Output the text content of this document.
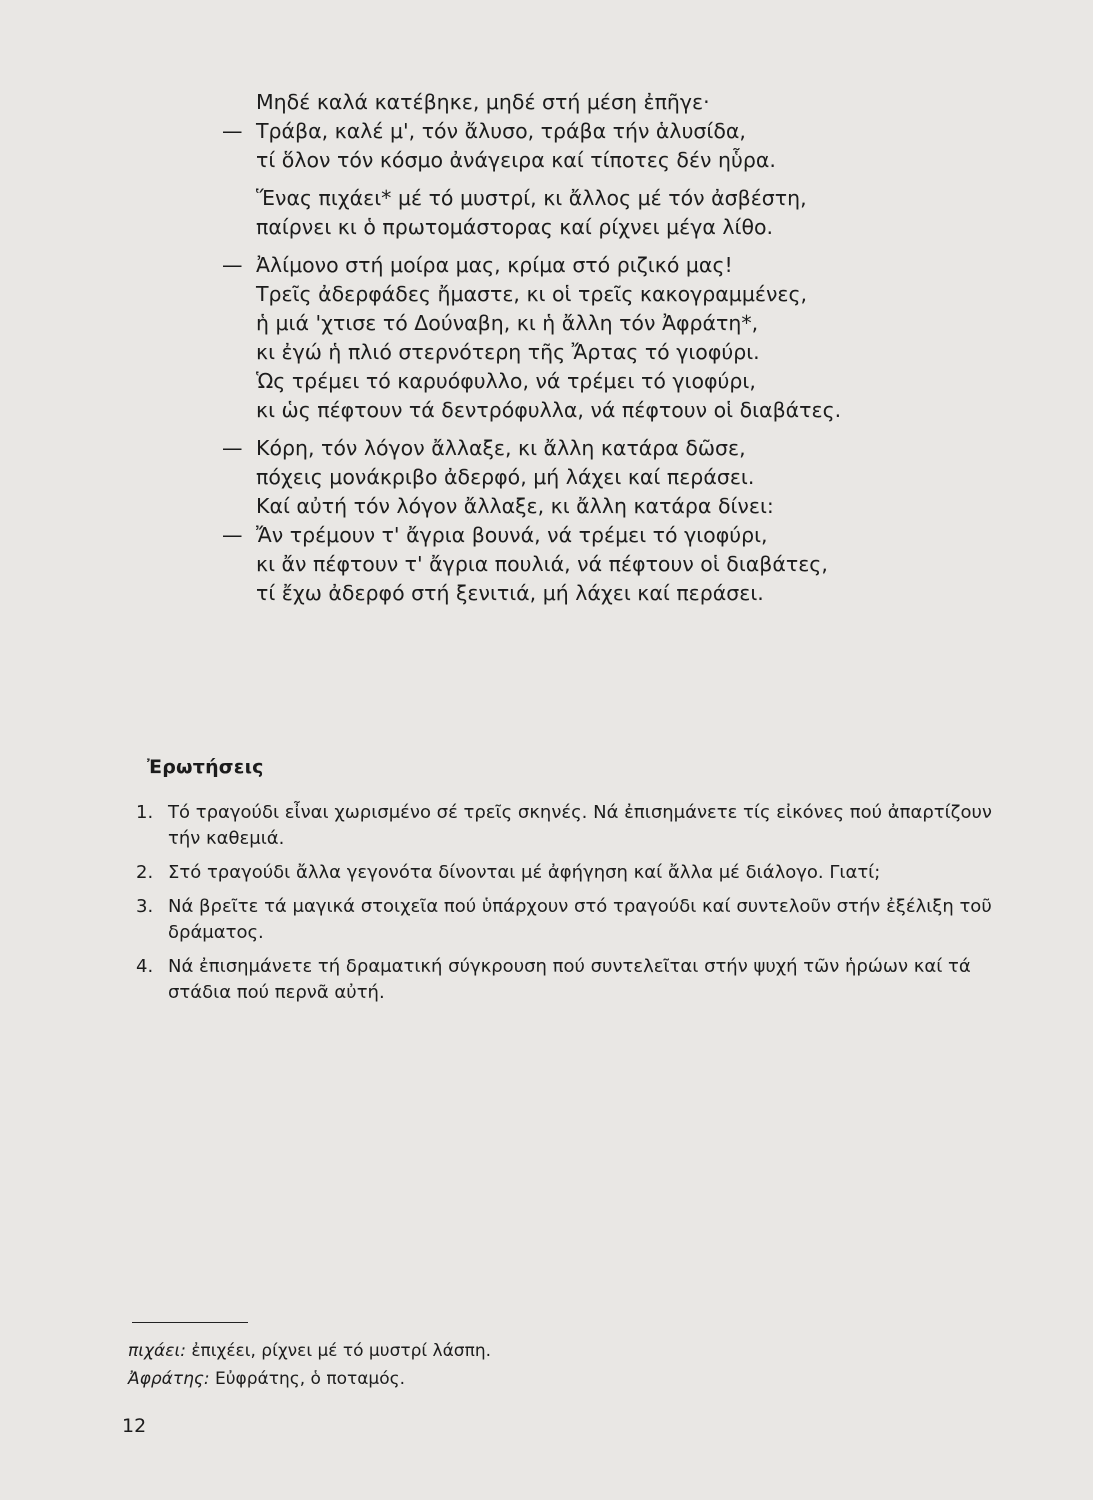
Μηδέ καλά κατέβηκε, μηδέ στή μέση ἐπῆγε·
— Τράβα, καλέ μ', τόν ἄλυσο, τράβα τήν ἁλυσίδα,
τί ὅλον τόν κόσμο ἀνάγειρα καί τίποτες δέν ηὗρα.
Ἕνας πιχάει* μέ τό μυστρί, κι ἄλλος μέ τόν ἀσβέστη,
παίρνει κι ὁ πρωτομάστορας καί ρίχνει μέγα λίθο.
— Ἀλίμονο στή μοίρα μας, κρίμα στό ριζικό μας!
Τρεῖς ἀδερφάδες ἤμαστε, κι οἱ τρεῖς κακογραμμένες,
ἡ μιά 'χτισε τό Δούναβη, κι ἡ ἄλλη τόν Ἀφράτη*,
κι ἐγώ ἡ πλιό στερνότερη τῆς Ἄρτας τό γιοφύρι.
Ὡς τρέμει τό καρυόφυλλο, νά τρέμει τό γιοφύρι,
κι ὡς πέφτουν τά δεντρόφυλλα, νά πέφτουν οἱ διαβάτες.
— Κόρη, τόν λόγον ἄλλαξε, κι ἄλλη κατάρα δῶσε,
πόχεις μονάκριβο ἀδερφό, μή λάχει καί περάσει.
Καί αὐτή τόν λόγον ἄλλαξε, κι ἄλλη κατάρα δίνει:
— Ἄν τρέμουν τ' ἄγρια βουνά, νά τρέμει τό γιοφύρι,
κι ἄν πέφτουν τ' ἄγρια πουλιά, νά πέφτουν οἱ διαβάτες,
τί ἔχω ἀδερφό στή ξενιτιά, μή λάχει καί περάσει.
Ἐρωτήσεις
1. Τό τραγούδι εἶναι χωρισμένο σέ τρεῖς σκηνές. Νά ἐπισημάνετε τίς εἰκόνες πού ἀπαρτίζουν τήν καθεμιά.
2. Στό τραγούδι ἄλλα γεγονότα δίνονται μέ ἀφήγηση καί ἄλλα μέ διάλογο. Γιατί;
3. Νά βρεῖτε τά μαγικά στοιχεῖα πού ὑπάρχουν στό τραγούδι καί συντελοῦν στήν ἐξέλιξη τοῦ δράματος.
4. Νά ἐπισημάνετε τή δραματική σύγκρουση πού συντελεῖται στήν ψυχή τῶν ἡρώων καί τά στάδια πού περνᾶ αὐτή.
πιχάει: ἐπιχέει, ρίχνει μέ τό μυστρί λάσπη.
Ἀφράτης: Εὐφράτης, ὁ ποταμός.
12
